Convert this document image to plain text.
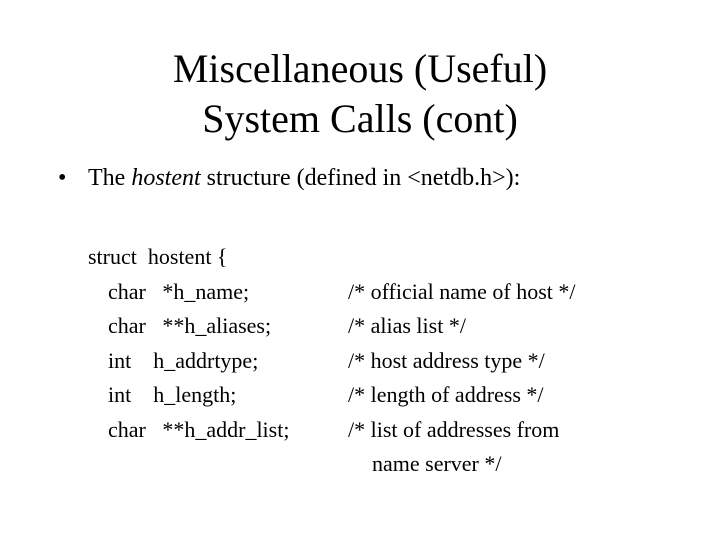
Miscellaneous (Useful)
System Calls (cont)
• The hostent structure (defined in <netdb.h>):
struct  hostent {
char   *h_name;	/* official name of host */
char   **h_aliases;	/* alias list */
int    h_addrtype;	/* host address type */
int    h_length;	/* length of address */
char   **h_addr_list;	/* list of addresses from
name server */
